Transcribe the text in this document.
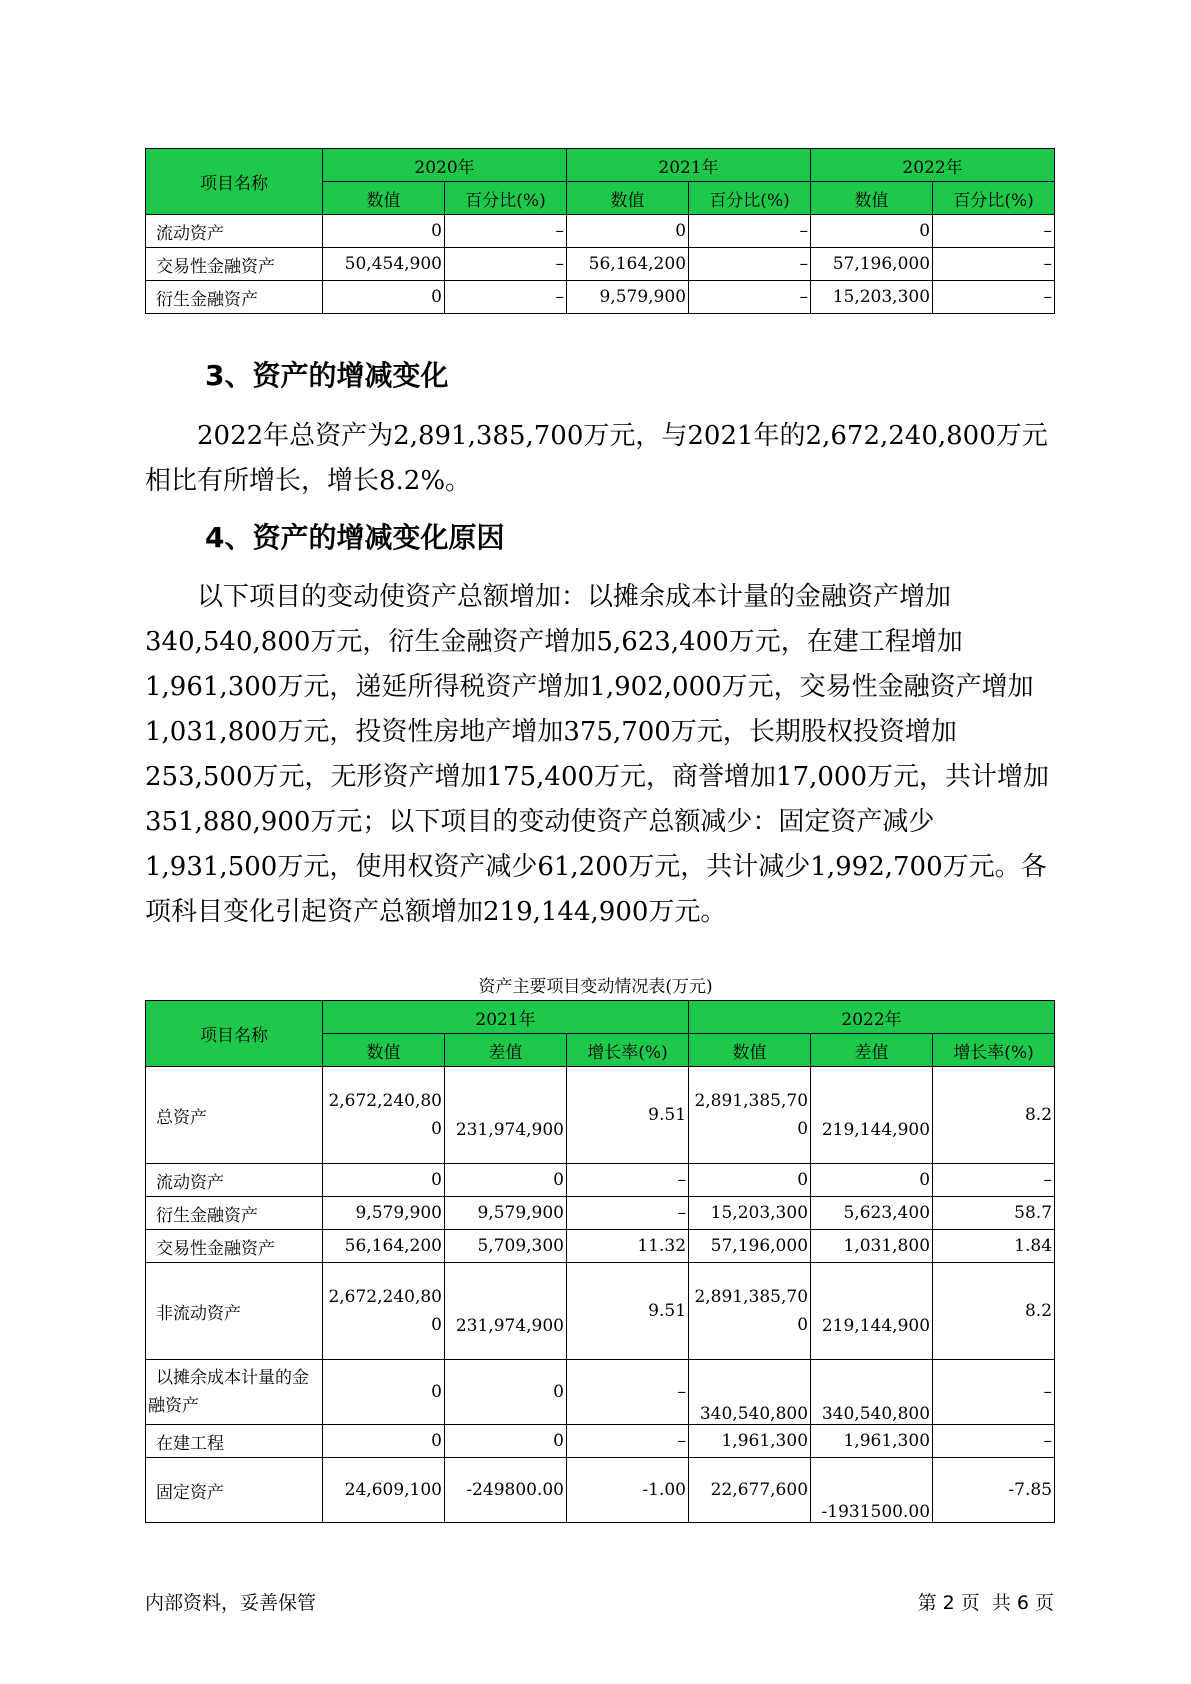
项目名称	2020年		2021年		2022年	
	数值	百分比(%)	数值	百分比(%)	数值	百分比(%)
流动资产	0	–	0	–	0	–
交易性金融资产	50,454,900	–	56,164,200	–	57,196,000	–
衍生金融资产	0	–	9,579,900	–	15,203,300	–
3、资产的增减变化

2022年总资产为2,891,385,700万元，与2021年的2,672,240,800万元相比有所增长，增长8.2%。

4、资产的增减变化原因

以下项目的变动使资产总额增加：以摊余成本计量的金融资产增加340,540,800万元，衍生金融资产增加5,623,400万元，在建工程增加1,961,300万元，递延所得税资产增加1,902,000万元，交易性金融资产增加1,031,800万元，投资性房地产增加375,700万元，长期股权投资增加253,500万元，无形资产增加175,400万元，商誉增加17,000万元，共计增加351,880,900万元；以下项目的变动使资产总额减少：固定资产减少1,931,500万元，使用权资产减少61,200万元，共计减少1,992,700万元。各项科目变化引起资产总额增加219,144,900万元。

资产主要项目变动情况表(万元)
项目名称	2021年			2022年		
	数值	差值	增长率(%)	数值	差值	增长率(%)
总资产	2,672,240,800	231,974,900	9.51	2,891,385,700	219,144,900	8.2
流动资产	0	0	–	0	0	–
衍生金融资产	9,579,900	9,579,900	–	15,203,300	5,623,400	58.7
交易性金融资产	56,164,200	5,709,300	11.32	57,196,000	1,031,800	1.84
非流动资产	2,672,240,800	231,974,900	9.51	2,891,385,700	219,144,900	8.2
以摊余成本计量的金融资产	0	0	–	340,540,800	340,540,800	–
在建工程	0	0	–	1,961,300	1,961,300	–
固定资产	24,609,100	-249800.00	-1.00	22,677,600	-1931500.00	-7.85
内部资料，妥善保管	第 2 页  共 6 页
